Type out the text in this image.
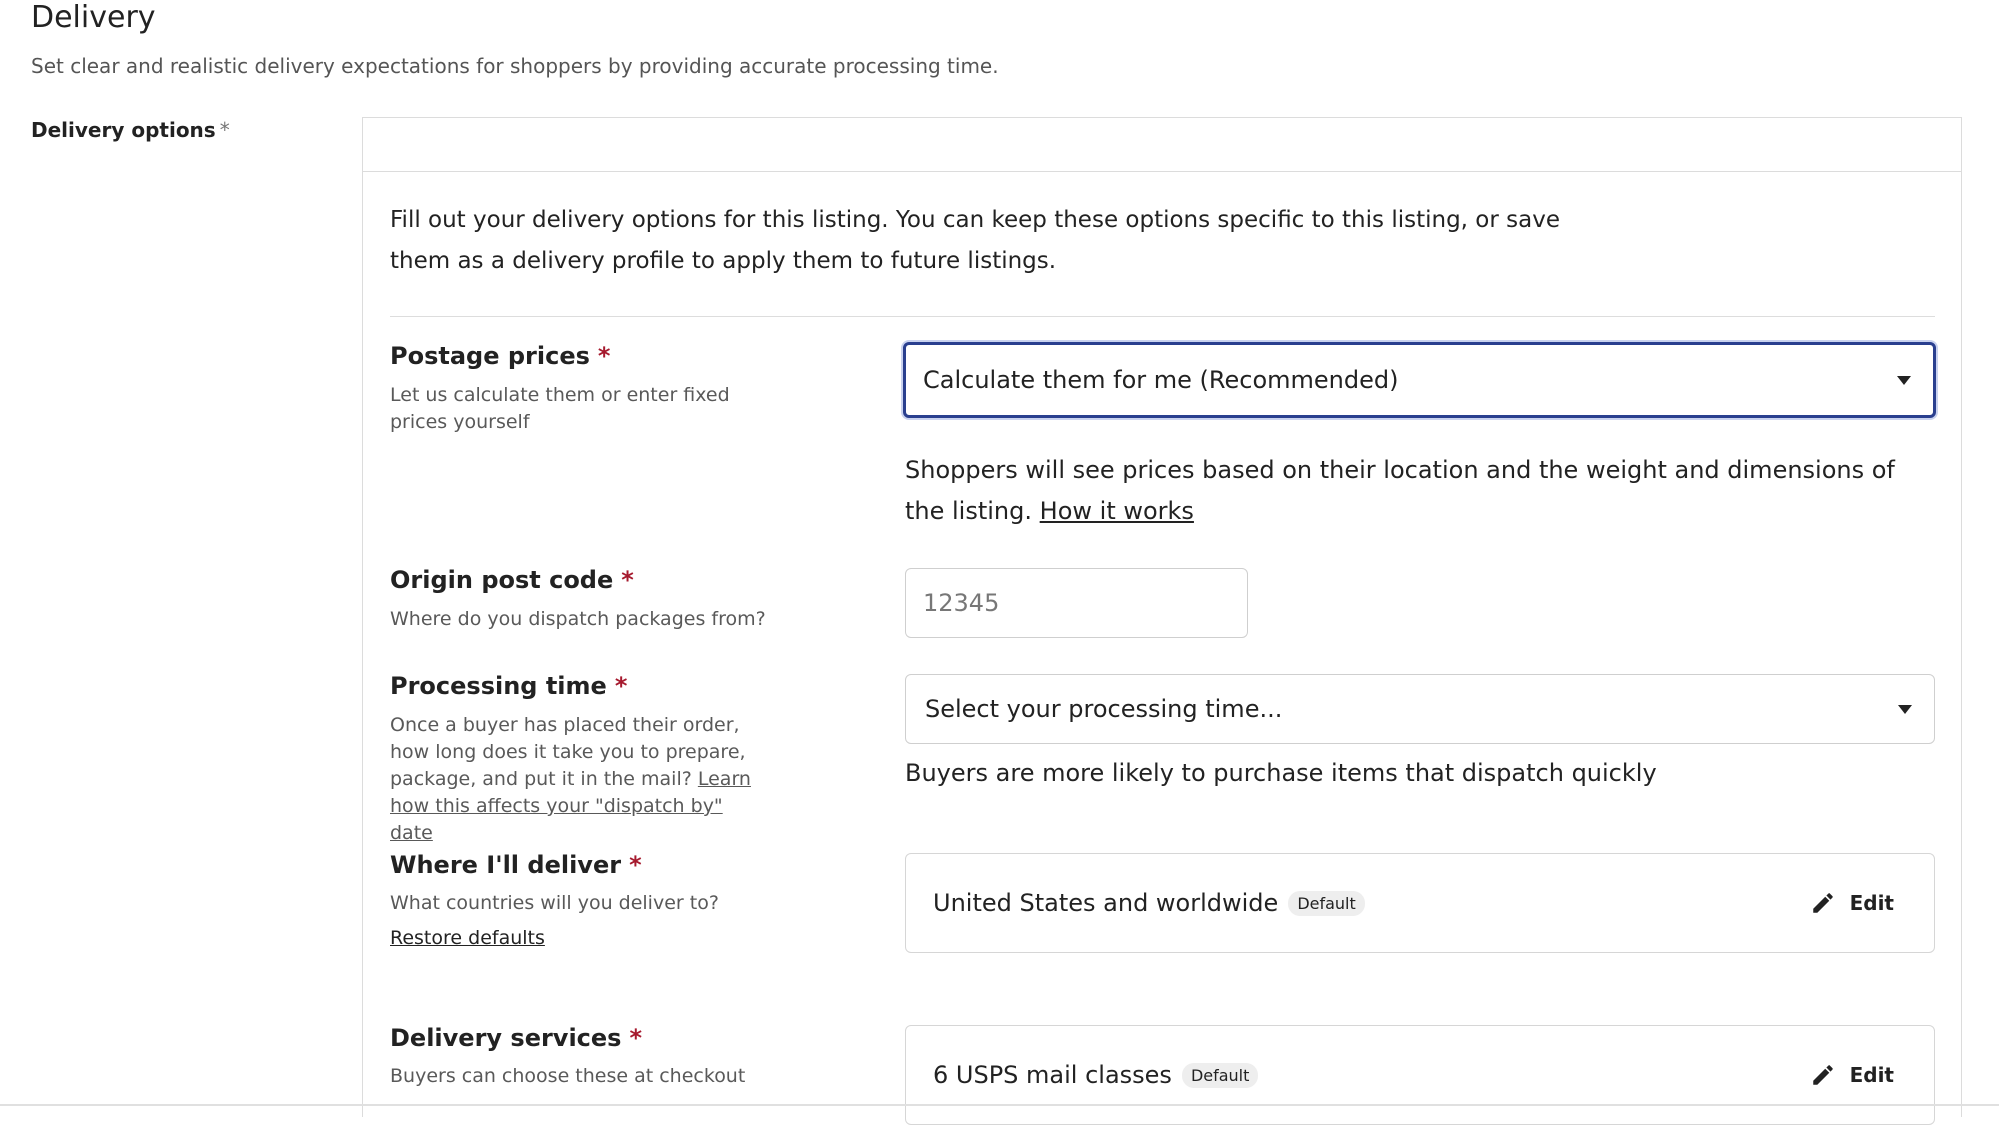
Delivery
Set clear and realistic delivery expectations for shoppers by providing accurate processing time.
Delivery options *
Fill out your delivery options for this listing. You can keep these options specific to this listing, or save them as a delivery profile to apply them to future listings.
Postage prices *
Let us calculate them or enter fixed prices yourself
Calculate them for me (Recommended)
Shoppers will see prices based on their location and the weight and dimensions of the listing. How it works
Origin post code *
Where do you dispatch packages from?
12345
Processing time *
Once a buyer has placed their order, how long does it take you to prepare, package, and put it in the mail? Learn how this affects your "dispatch by" date
Select your processing time...
Buyers are more likely to purchase items that dispatch quickly
Where I'll deliver *
What countries will you deliver to?
Restore defaults
United States and worldwide	Default	Edit
Delivery services *
Buyers can choose these at checkout	6 USPS mail classes	Default	Edit
